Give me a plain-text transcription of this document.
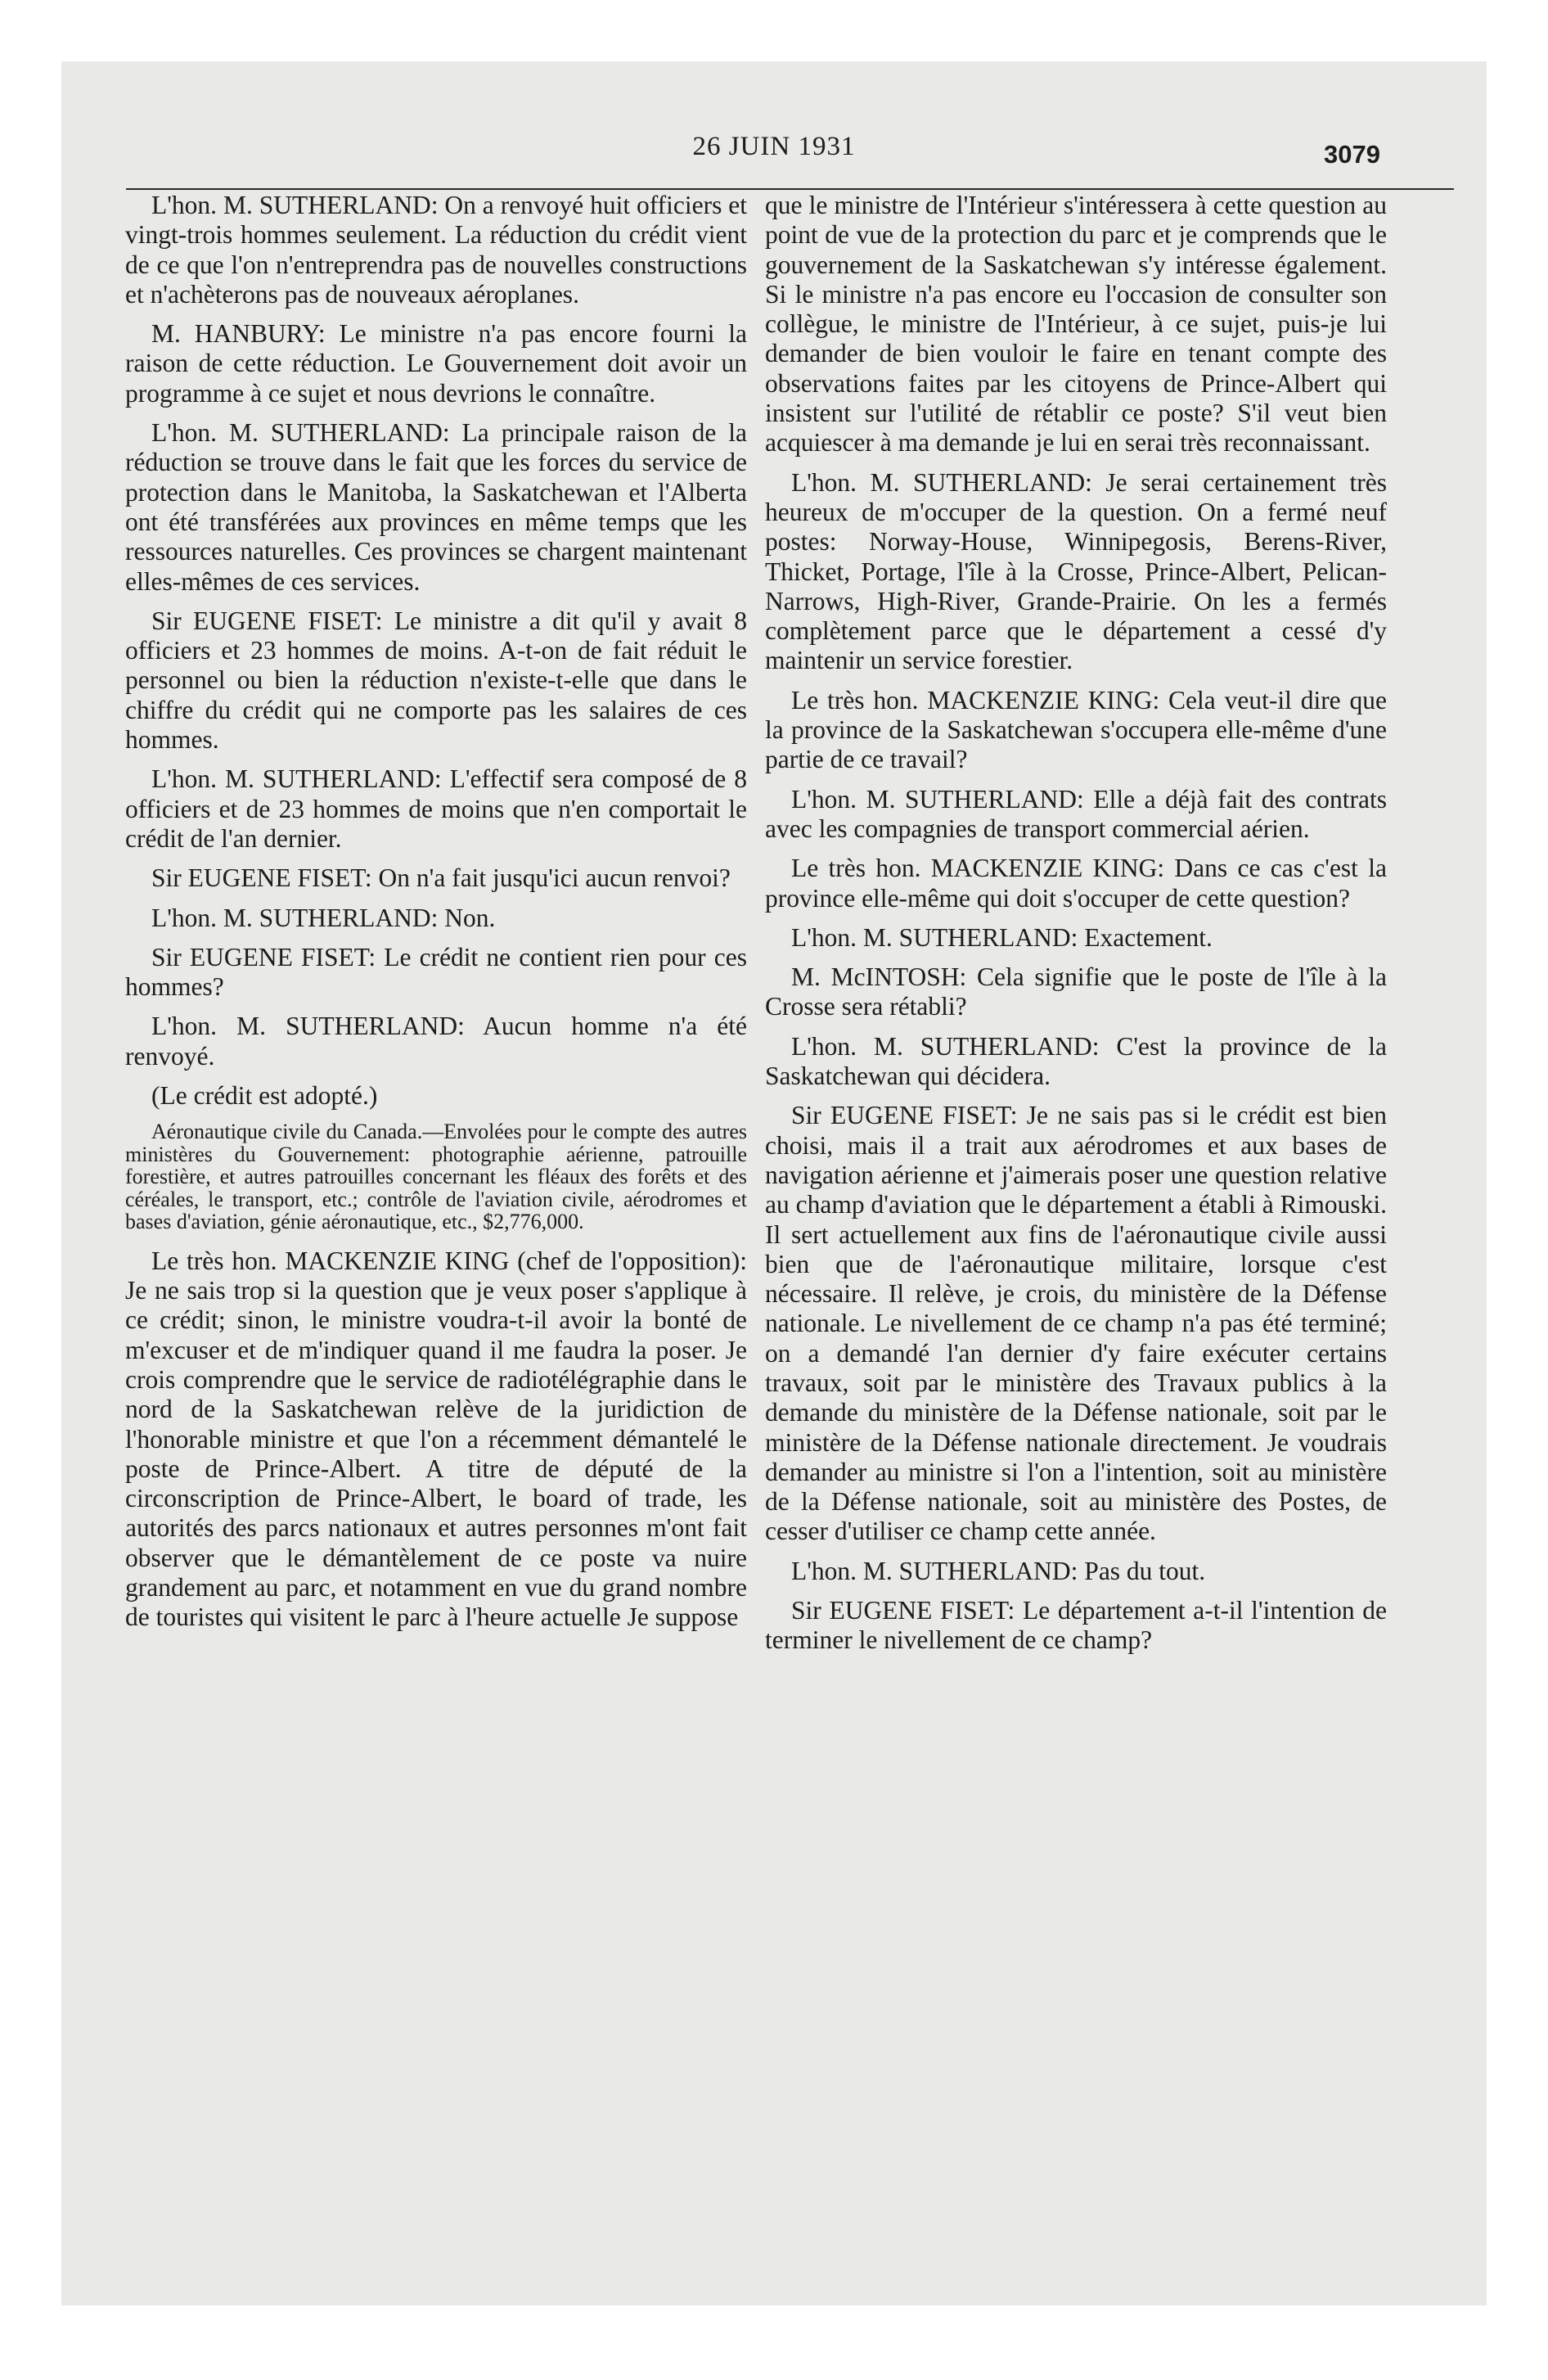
26 JUIN 1931	3079

L'hon. M. SUTHERLAND: On a renvoyé huit officiers et vingt-trois hommes seulement. La réduction du crédit vient de ce que l'on n'entreprendra pas de nouvelles constructions et n'achèterons pas de nouveaux aéroplanes.

M. HANBURY: Le ministre n'a pas encore fourni la raison de cette réduction. Le Gouvernement doit avoir un programme à ce sujet et nous devrions le connaître.

L'hon. M. SUTHERLAND: La principale raison de la réduction se trouve dans le fait que les forces du service de protection dans le Manitoba, la Saskatchewan et l'Alberta ont été transférées aux provinces en même temps que les ressources naturelles. Ces provinces se chargent maintenant elles-mêmes de ces services.

Sir EUGENE FISET: Le ministre a dit qu'il y avait 8 officiers et 23 hommes de moins. A-t-on de fait réduit le personnel ou bien la réduction n'existe-t-elle que dans le chiffre du crédit qui ne comporte pas les salaires de ces hommes.

L'hon. M. SUTHERLAND: L'effectif sera composé de 8 officiers et de 23 hommes de moins que n'en comportait le crédit de l'an dernier.

Sir EUGENE FISET: On n'a fait jusqu'ici aucun renvoi?

L'hon. M. SUTHERLAND: Non.

Sir EUGENE FISET: Le crédit ne contient rien pour ces hommes?

L'hon. M. SUTHERLAND: Aucun homme n'a été renvoyé.

(Le crédit est adopté.)

Aéronautique civile du Canada.—Envolées pour le compte des autres ministères du Gouvernement: photographie aérienne, patrouille forestière, et autres patrouilles concernant les fléaux des forêts et des céréales, le transport, etc.; contrôle de l'aviation civile, aérodromes et bases d'aviation, génie aéronautique, etc., $2,776,000.

Le très hon. MACKENZIE KING (chef de l'opposition): Je ne sais trop si la question que je veux poser s'applique à ce crédit; sinon, le ministre voudra-t-il avoir la bonté de m'excuser et de m'indiquer quand il me faudra la poser. Je crois comprendre que le service de radiotélégraphie dans le nord de la Saskatchewan relève de la juridiction de l'honorable ministre et que l'on a récemment démantelé le poste de Prince-Albert. A titre de député de la circonscription de Prince-Albert, le board of trade, les autorités des parcs nationaux et autres personnes m'ont fait observer que le démantèlement de ce poste va nuire grandement au parc, et notamment en vue du grand nombre de touristes qui visitent le parc à l'heure actuelle Je suppose

que le ministre de l'Intérieur s'intéressera à cette question au point de vue de la protection du parc et je comprends que le gouvernement de la Saskatchewan s'y intéresse également. Si le ministre n'a pas encore eu l'occasion de consulter son collègue, le ministre de l'Intérieur, à ce sujet, puis-je lui demander de bien vouloir le faire en tenant compte des observations faites par les citoyens de Prince-Albert qui insistent sur l'utilité de rétablir ce poste? S'il veut bien acquiescer à ma demande je lui en serai très reconnaissant.

L'hon. M. SUTHERLAND: Je serai certainement très heureux de m'occuper de la question. On a fermé neuf postes: Norway-House, Winnipegosis, Berens-River, Thicket, Portage, l'île à la Crosse, Prince-Albert, Pelican-Narrows, High-River, Grande-Prairie. On les a fermés complètement parce que le département a cessé d'y maintenir un service forestier.

Le très hon. MACKENZIE KING: Cela veut-il dire que la province de la Saskatchewan s'occupera elle-même d'une partie de ce travail?

L'hon. M. SUTHERLAND: Elle a déjà fait des contrats avec les compagnies de transport commercial aérien.

Le très hon. MACKENZIE KING: Dans ce cas c'est la province elle-même qui doit s'occuper de cette question?

L'hon. M. SUTHERLAND: Exactement.

M. McINTOSH: Cela signifie que le poste de l'île à la Crosse sera rétabli?

L'hon. M. SUTHERLAND: C'est la province de la Saskatchewan qui décidera.

Sir EUGENE FISET: Je ne sais pas si le crédit est bien choisi, mais il a trait aux aérodromes et aux bases de navigation aérienne et j'aimerais poser une question relative au champ d'aviation que le département a établi à Rimouski. Il sert actuellement aux fins de l'aéronautique civile aussi bien que de l'aéronautique militaire, lorsque c'est nécessaire. Il relève, je crois, du ministère de la Défense nationale. Le nivellement de ce champ n'a pas été terminé; on a demandé l'an dernier d'y faire exécuter certains travaux, soit par le ministère des Travaux publics à la demande du ministère de la Défense nationale, soit par le ministère de la Défense nationale directement. Je voudrais demander au ministre si l'on a l'intention, soit au ministère de la Défense nationale, soit au ministère des Postes, de cesser d'utiliser ce champ cette année.

L'hon. M. SUTHERLAND: Pas du tout.

Sir EUGENE FISET: Le département a-t-il l'intention de terminer le nivellement de ce champ?
